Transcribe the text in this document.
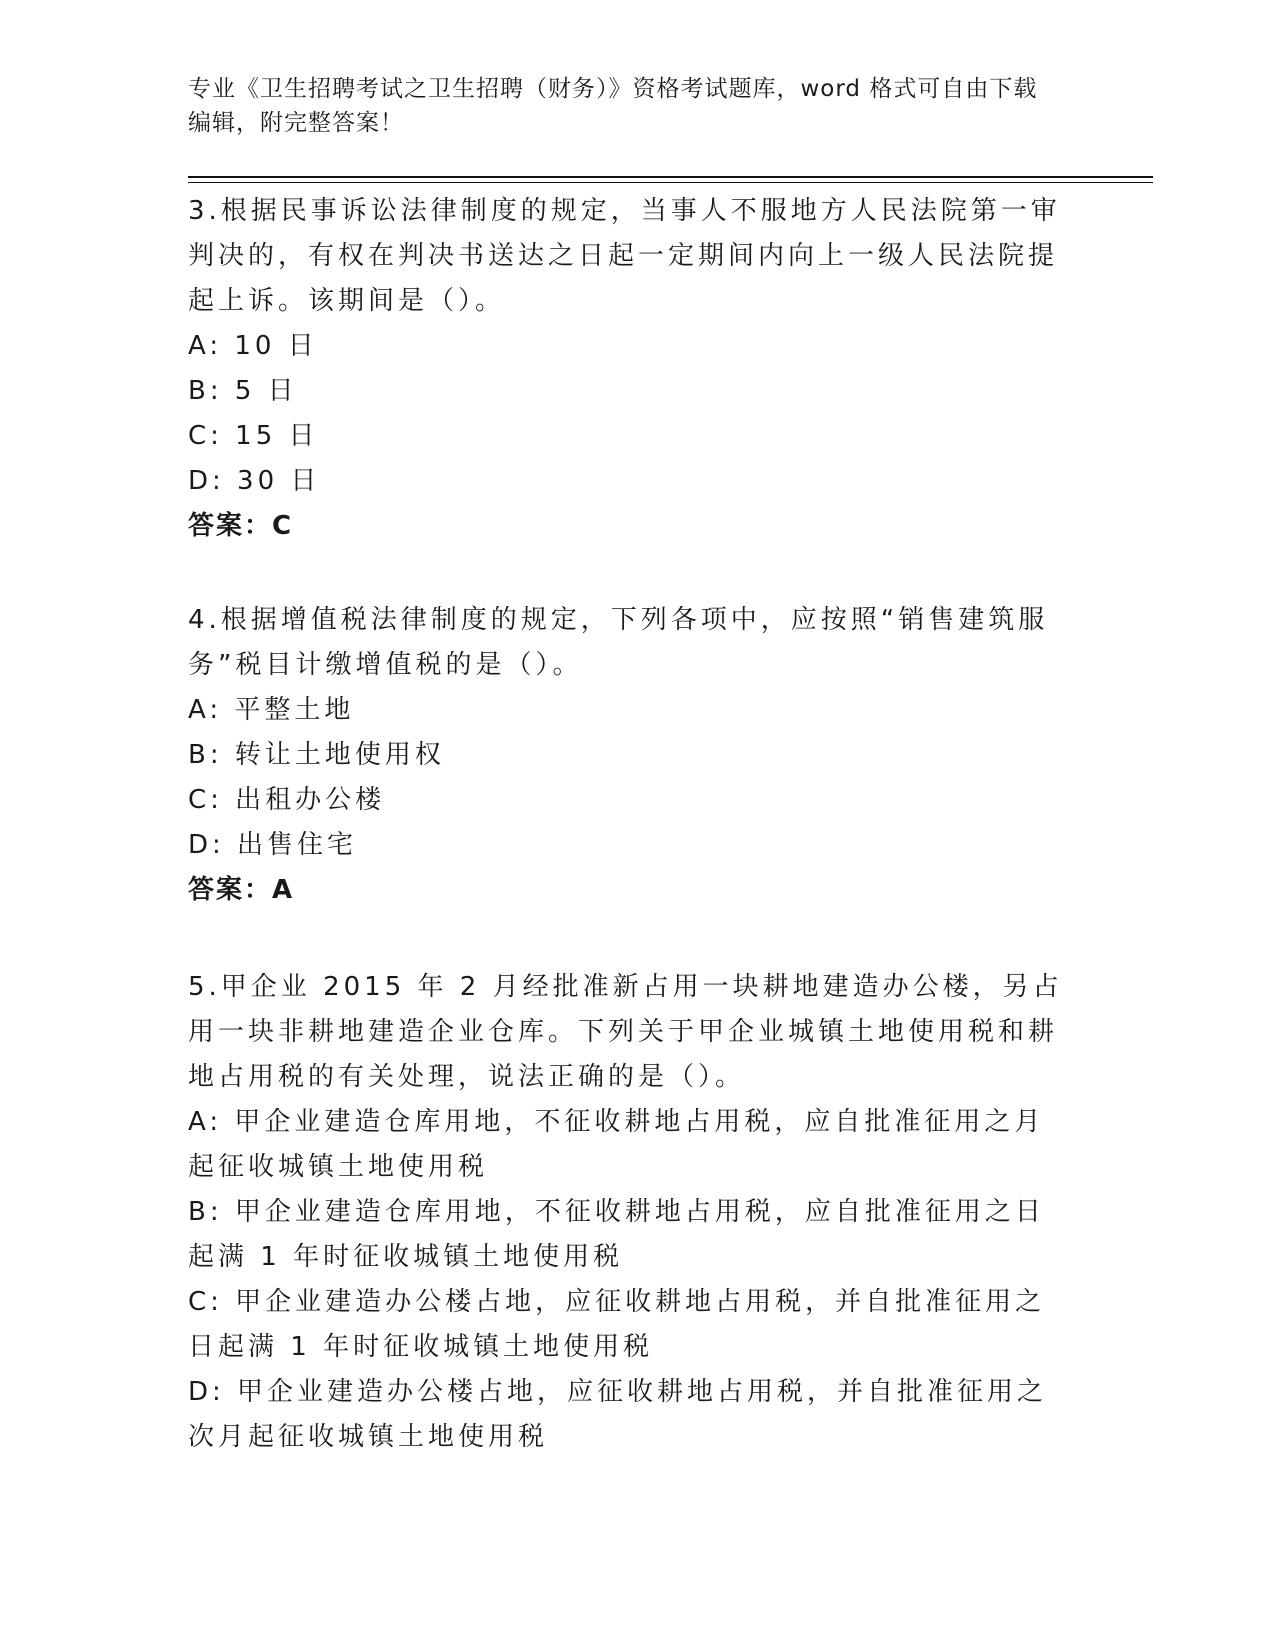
专业《卫生招聘考试之卫生招聘（财务）》资格考试题库，word 格式可自由下载
编辑，附完整答案！

3.根据民事诉讼法律制度的规定，当事人不服地方人民法院第一审判决的，有权在判决书送达之日起一定期间内向上一级人民法院提起上诉。该期间是（）。

A: 10 日

B: 5 日

C: 15 日

D: 30 日

答案：C

4.根据增值税法律制度的规定，下列各项中，应按照“销售建筑服务”税目计缴增值税的是（）。

A: 平整土地

B: 转让土地使用权

C: 出租办公楼

D: 出售住宅

答案：A

5.甲企业 2015 年 2 月经批准新占用一块耕地建造办公楼，另占用一块非耕地建造企业仓库。下列关于甲企业城镇土地使用税和耕地占用税的有关处理，说法正确的是（）。

A: 甲企业建造仓库用地，不征收耕地占用税，应自批准征用之月起征收城镇土地使用税

B: 甲企业建造仓库用地，不征收耕地占用税，应自批准征用之日起满 1 年时征收城镇土地使用税

C: 甲企业建造办公楼占地，应征收耕地占用税，并自批准征用之日起满 1 年时征收城镇土地使用税

D: 甲企业建造办公楼占地，应征收耕地占用税，并自批准征用之次月起征收城镇土地使用税
